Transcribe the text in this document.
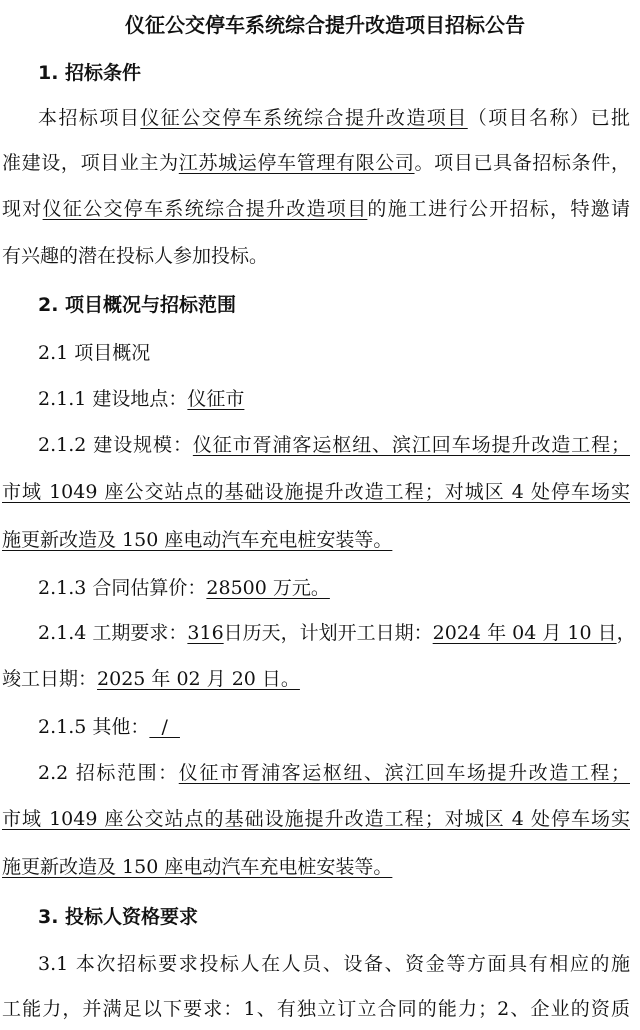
仪征公交停车系统综合提升改造项目招标公告
1. 招标条件
本招标项目仪征公交停车系统综合提升改造项目（项目名称）已批
准建设，项目业主为江苏城运停车管理有限公司。项目已具备招标条件，
现对仪征公交停车系统综合提升改造项目的施工进行公开招标，特邀请
有兴趣的潜在投标人参加投标。
2. 项目概况与招标范围
2.1 项目概况
2.1.1 建设地点：仪征市
2.1.2 建设规模：仪征市胥浦客运枢纽、滨江回车场提升改造工程；
市域 1049 座公交站点的基础设施提升改造工程；对城区 4 处停车场实
施更新改造及 150 座电动汽车充电桩安装等。
2.1.3 合同估算价：28500 万元。
2.1.4 工期要求：316日历天，计划开工日期：2024 年 04 月 10 日，
竣工日期：2025 年 02 月 20 日。
2.1.5 其他：  /
2.2 招标范围：仪征市胥浦客运枢纽、滨江回车场提升改造工程；
市域 1049 座公交站点的基础设施提升改造工程；对城区 4 处停车场实
施更新改造及 150 座电动汽车充电桩安装等。
3. 投标人资格要求
3.1 本次招标要求投标人在人员、设备、资金等方面具有相应的施
工能力，并满足以下要求：1、有独立订立合同的能力；2、企业的资质
